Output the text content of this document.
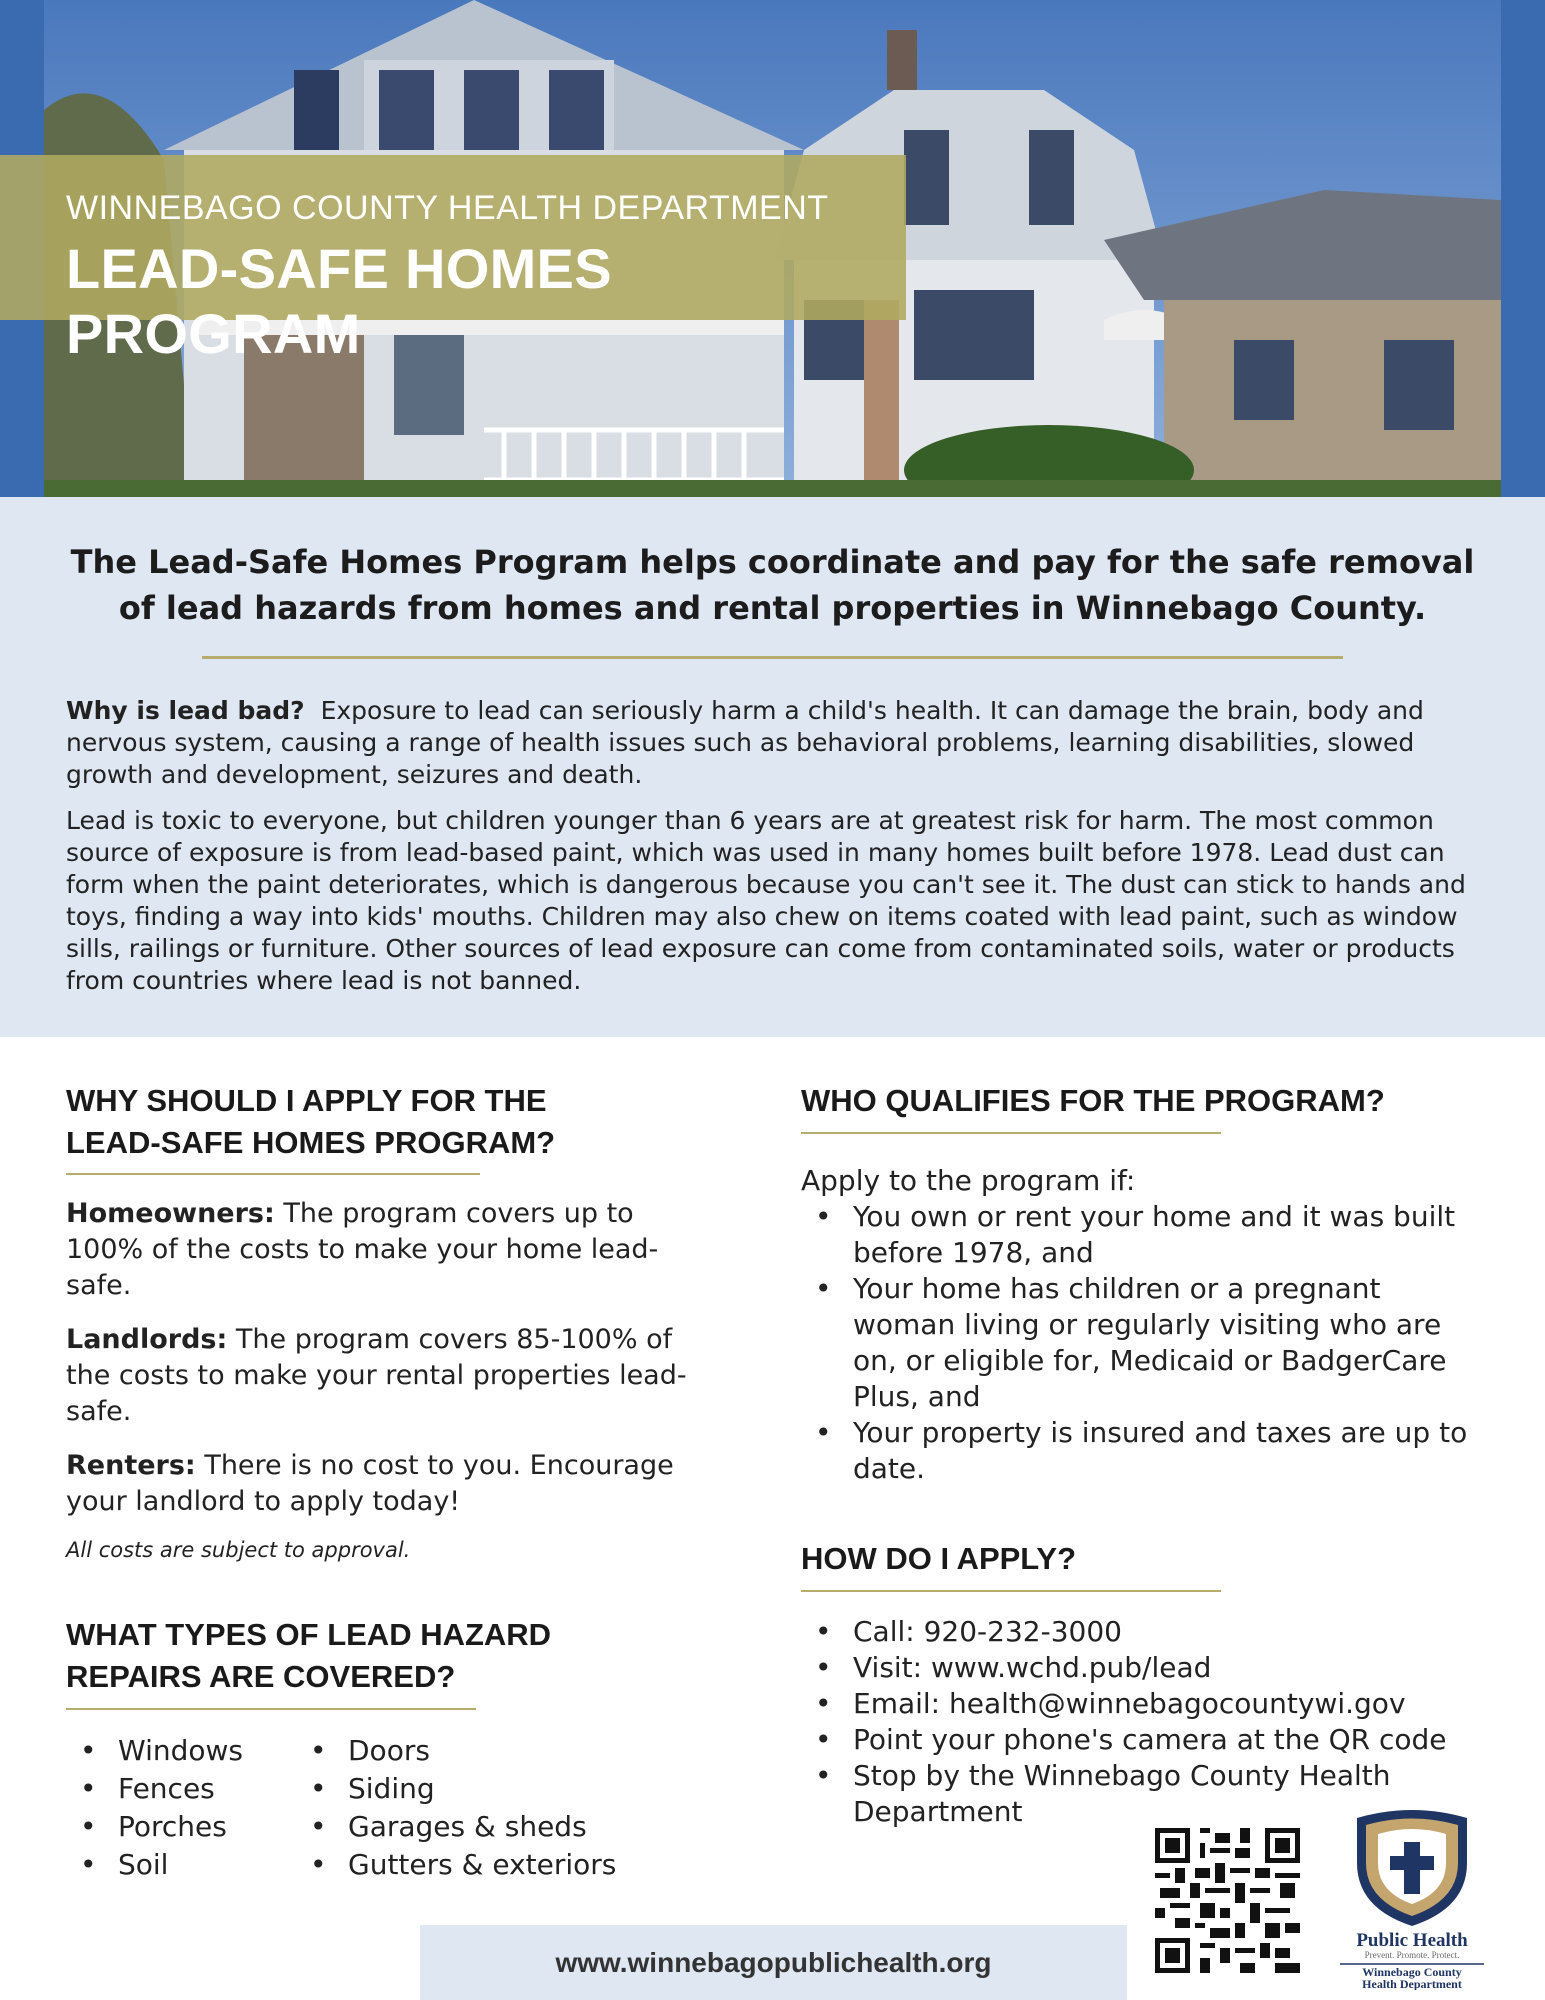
WINNEBAGO COUNTY HEALTH DEPARTMENT
LEAD-SAFE HOMES PROGRAM
The Lead-Safe Homes Program helps coordinate and pay for the safe removal
of lead hazards from homes and rental properties in Winnebago County.

Why is lead bad? Exposure to lead can seriously harm a child's health. It can damage the brain, body and nervous system, causing a range of health issues such as behavioral problems, learning disabilities, slowed growth and development, seizures and death.

Lead is toxic to everyone, but children younger than 6 years are at greatest risk for harm. The most common source of exposure is from lead-based paint, which was used in many homes built before 1978. Lead dust can form when the paint deteriorates, which is dangerous because you can't see it. The dust can stick to hands and toys, finding a way into kids' mouths. Children may also chew on items coated with lead paint, such as window sills, railings or furniture. Other sources of lead exposure can come from contaminated soils, water or products from countries where lead is not banned.

WHY SHOULD I APPLY FOR THE
LEAD-SAFE HOMES PROGRAM?
Homeowners: The program covers up to 100% of the costs to make your home lead-safe.
Landlords: The program covers 85-100% of the costs to make your rental properties lead-safe.
Renters: There is no cost to you. Encourage your landlord to apply today!
All costs are subject to approval.
WHAT TYPES OF LEAD HAZARD
REPAIRS ARE COVERED?
• Windows
• Fences
• Porches
• Soil
• Doors
• Siding
• Garages & sheds
• Gutters & exteriors
WHO QUALIFIES FOR THE PROGRAM?
Apply to the program if:
• You own or rent your home and it was built before 1978, and
• Your home has children or a pregnant woman living or regularly visiting who are on, or eligible for, Medicaid or BadgerCare Plus, and
• Your property is insured and taxes are up to date.
HOW DO I APPLY?
• Call: 920-232-3000
• Visit: www.wchd.pub/lead
• Email: health@winnebagocountywi.gov
• Point your phone's camera at the QR code
• Stop by the Winnebago County Health Department
Public Health
Prevent. Promote. Protect.
Winnebago County
Health Department
www.winnebagopublichealth.org
